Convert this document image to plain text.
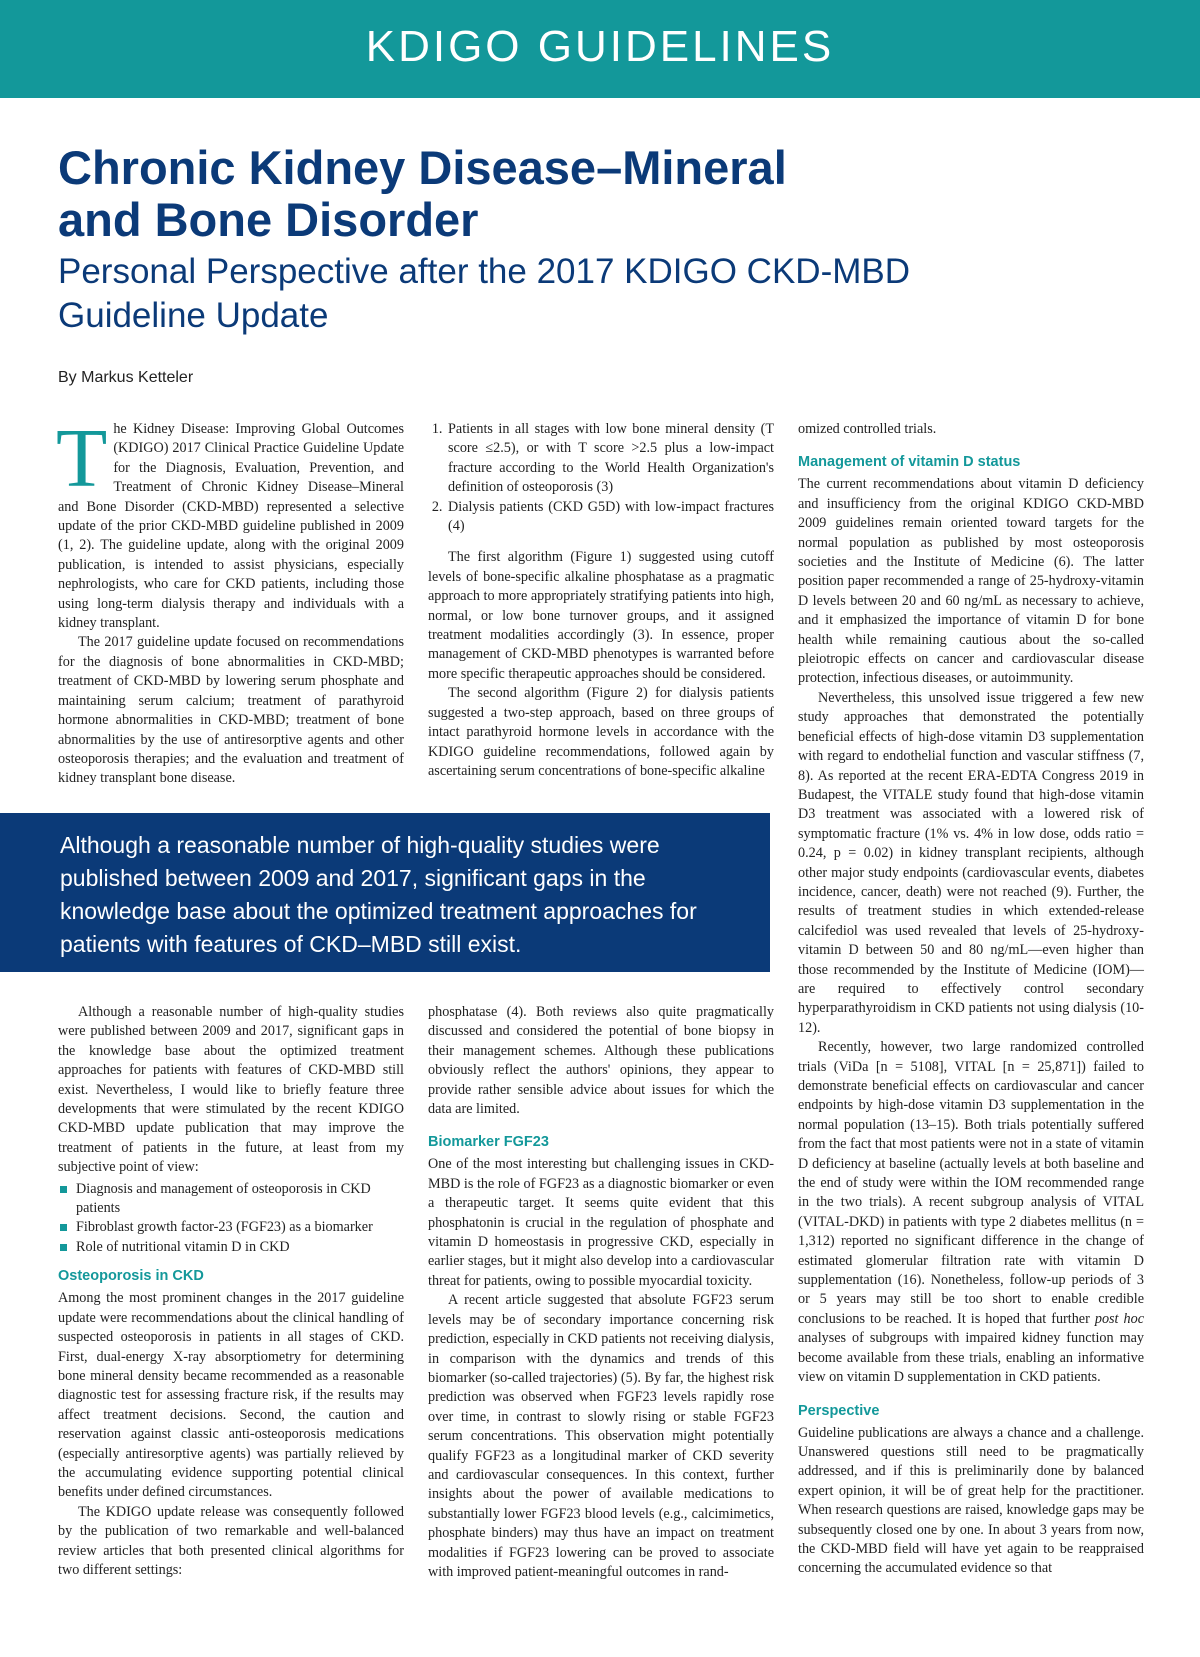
KDIGO GUIDELINES
Chronic Kidney Disease–Mineral
and Bone Disorder
Personal Perspective after the 2017 KDIGO CKD-MBD
Guideline Update
By Markus Ketteler

The Kidney Disease: Improving Global Outcomes (KDIGO) 2017 Clinical Practice Guideline Update for the Diagnosis, Evaluation, Prevention, and Treatment of Chronic Kidney Disease–Mineral and Bone Disorder (CKD-MBD) represented a selective update of the prior CKD-MBD guideline published in 2009 (1, 2). The guideline update, along with the original 2009 publication, is intended to assist physicians, especially nephrologists, who care for CKD patients, including those using long-term dialysis therapy and individuals with a kidney transplant.

The 2017 guideline update focused on recommendations for the diagnosis of bone abnormalities in CKD-MBD; treatment of CKD-MBD by lowering serum phosphate and maintaining serum calcium; treatment of parathyroid hormone abnormalities in CKD-MBD; treatment of bone abnormalities by the use of antiresorptive agents and other osteoporosis therapies; and the evaluation and treatment of kidney transplant bone disease.

1. Patients in all stages with low bone mineral density (T score ≤2.5), or with T score >2.5 plus a low-impact fracture according to the World Health Organization's definition of osteoporosis (3)
2. Dialysis patients (CKD G5D) with low-impact fractures (4)

The first algorithm (Figure 1) suggested using cutoff levels of bone-specific alkaline phosphatase as a pragmatic approach to more appropriately stratifying patients into high, normal, or low bone turnover groups, and it assigned treatment modalities accordingly (3). In essence, proper management of CKD-MBD phenotypes is warranted before more specific therapeutic approaches should be considered.

The second algorithm (Figure 2) for dialysis patients suggested a two-step approach, based on three groups of intact parathyroid hormone levels in accordance with the KDIGO guideline recommendations, followed again by ascertaining serum concentrations of bone-specific alkaline

Although a reasonable number of high-quality studies were published between 2009 and 2017, significant gaps in the knowledge base about the optimized treatment approaches for patients with features of CKD–MBD still exist.

Although a reasonable number of high-quality studies were published between 2009 and 2017, significant gaps in the knowledge base about the optimized treatment approaches for patients with features of CKD-MBD still exist. Nevertheless, I would like to briefly feature three developments that were stimulated by the recent KDIGO CKD-MBD update publication that may improve the treatment of patients in the future, at least from my subjective point of view:

Diagnosis and management of osteoporosis in CKD patients
Fibroblast growth factor-23 (FGF23) as a biomarker
Role of nutritional vitamin D in CKD
Osteoporosis in CKD

Among the most prominent changes in the 2017 guideline update were recommendations about the clinical handling of suspected osteoporosis in patients in all stages of CKD. First, dual-energy X-ray absorptiometry for determining bone mineral density became recommended as a reasonable diagnostic test for assessing fracture risk, if the results may affect treatment decisions. Second, the caution and reservation against classic anti-osteoporosis medications (especially antiresorptive agents) was partially relieved by the accumulating evidence supporting potential clinical benefits under defined circumstances.

The KDIGO update release was consequently followed by the publication of two remarkable and well-balanced review articles that both presented clinical algorithms for two different settings:

phosphatase (4). Both reviews also quite pragmatically discussed and considered the potential of bone biopsy in their management schemes. Although these publications obviously reflect the authors' opinions, they appear to provide rather sensible advice about issues for which the data are limited.

Biomarker FGF23

One of the most interesting but challenging issues in CKD-MBD is the role of FGF23 as a diagnostic biomarker or even a therapeutic target. It seems quite evident that this phosphatonin is crucial in the regulation of phosphate and vitamin D homeostasis in progressive CKD, especially in earlier stages, but it might also develop into a cardiovascular threat for patients, owing to possible myocardial toxicity.

A recent article suggested that absolute FGF23 serum levels may be of secondary importance concerning risk prediction, especially in CKD patients not receiving dialysis, in comparison with the dynamics and trends of this biomarker (so-called trajectories) (5). By far, the highest risk prediction was observed when FGF23 levels rapidly rose over time, in contrast to slowly rising or stable FGF23 serum concentrations. This observation might potentially qualify FGF23 as a longitudinal marker of CKD severity and cardiovascular consequences. In this context, further insights about the power of available medications to substantially lower FGF23 blood levels (e.g., calcimimetics, phosphate binders) may thus have an impact on treatment modalities if FGF23 lowering can be proved to associate with improved patient-meaningful outcomes in rand-

omized controlled trials.

Management of vitamin D status

The current recommendations about vitamin D deficiency and insufficiency from the original KDIGO CKD-MBD 2009 guidelines remain oriented toward targets for the normal population as published by most osteoporosis societies and the Institute of Medicine (6). The latter position paper recommended a range of 25-hydroxy-vitamin D levels between 20 and 60 ng/mL as necessary to achieve, and it emphasized the importance of vitamin D for bone health while remaining cautious about the so-called pleiotropic effects on cancer and cardiovascular disease protection, infectious diseases, or autoimmunity.

Nevertheless, this unsolved issue triggered a few new study approaches that demonstrated the potentially beneficial effects of high-dose vitamin D3 supplementation with regard to endothelial function and vascular stiffness (7, 8). As reported at the recent ERA-EDTA Congress 2019 in Budapest, the VITALE study found that high-dose vitamin D3 treatment was associated with a lowered risk of symptomatic fracture (1% vs. 4% in low dose, odds ratio = 0.24, p = 0.02) in kidney transplant recipients, although other major study endpoints (cardiovascular events, diabetes incidence, cancer, death) were not reached (9). Further, the results of treatment studies in which extended-release calcifediol was used revealed that levels of 25-hydroxy-vitamin D between 50 and 80 ng/mL—even higher than those recommended by the Institute of Medicine (IOM)—are required to effectively control secondary hyperparathyroidism in CKD patients not using dialysis (10-12).

Recently, however, two large randomized controlled trials (ViDa [n = 5108], VITAL [n = 25,871]) failed to demonstrate beneficial effects on cardiovascular and cancer endpoints by high-dose vitamin D3 supplementation in the normal population (13–15). Both trials potentially suffered from the fact that most patients were not in a state of vitamin D deficiency at baseline (actually levels at both baseline and the end of study were within the IOM recommended range in the two trials). A recent subgroup analysis of VITAL (VITAL-DKD) in patients with type 2 diabetes mellitus (n = 1,312) reported no significant difference in the change of estimated glomerular filtration rate with vitamin D supplementation (16). Nonetheless, follow-up periods of 3 or 5 years may still be too short to enable credible conclusions to be reached. It is hoped that further post hoc analyses of subgroups with impaired kidney function may become available from these trials, enabling an informative view on vitamin D supplementation in CKD patients.

Perspective

Guideline publications are always a chance and a challenge. Unanswered questions still need to be pragmatically addressed, and if this is preliminarily done by balanced expert opinion, it will be of great help for the practitioner. When research questions are raised, knowledge gaps may be subsequently closed one by one. In about 3 years from now, the CKD-MBD field will have yet again to be reappraised concerning the accumulated evidence so that
